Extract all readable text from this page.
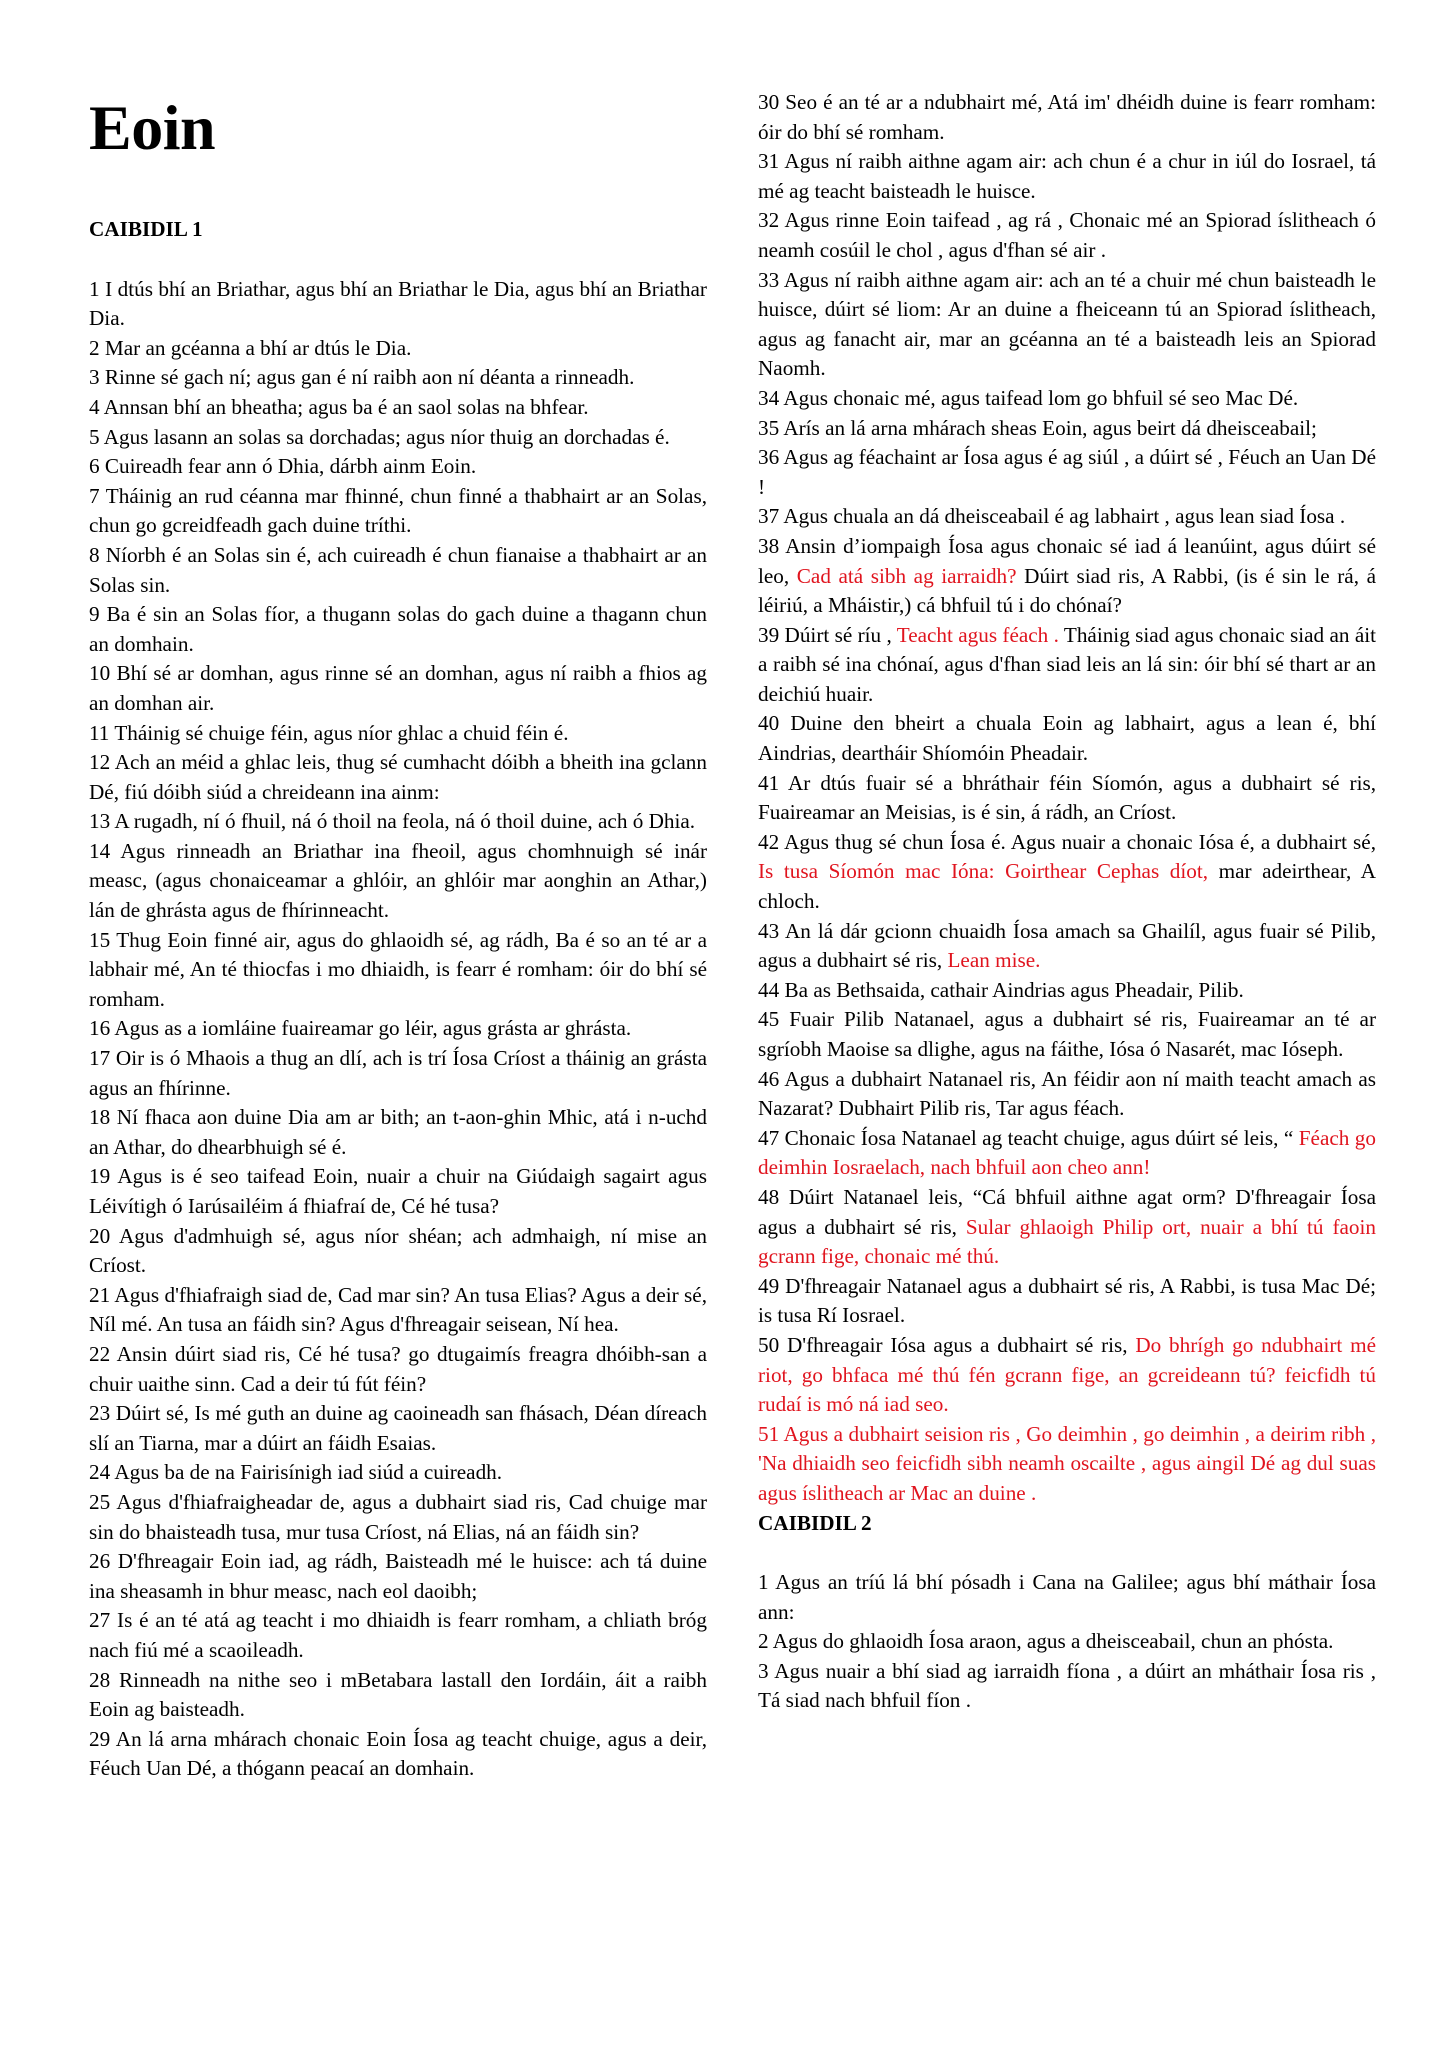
Eoin
CAIBIDIL 1

1 I dtús bhí an Briathar, agus bhí an Briathar le Dia, agus bhí an Briathar Dia.

2 Mar an gcéanna a bhí ar dtús le Dia.

3 Rinne sé gach ní; agus gan é ní raibh aon ní déanta a rinneadh.

4 Annsan bhí an bheatha; agus ba é an saol solas na bhfear.

5 Agus lasann an solas sa dorchadas; agus níor thuig an dorchadas é.

6 Cuireadh fear ann ó Dhia, dárbh ainm Eoin.

7 Tháinig an rud céanna mar fhinné, chun finné a thabhairt ar an Solas, chun go gcreidfeadh gach duine tríthi.

8 Níorbh é an Solas sin é, ach cuireadh é chun fianaise a thabhairt ar an Solas sin.

9 Ba é sin an Solas fíor, a thugann solas do gach duine a thagann chun an domhain.

10 Bhí sé ar domhan, agus rinne sé an domhan, agus ní raibh a fhios ag an domhan air.

11 Tháinig sé chuige féin, agus níor ghlac a chuid féin é.

12 Ach an méid a ghlac leis, thug sé cumhacht dóibh a bheith ina gclann Dé, fiú dóibh siúd a chreideann ina ainm:

13 A rugadh, ní ó fhuil, ná ó thoil na feola, ná ó thoil duine, ach ó Dhia.

14 Agus rinneadh an Briathar ina fheoil, agus chomhnuigh sé inár measc, (agus chonaiceamar a ghlóir, an ghlóir mar aonghin an Athar,) lán de ghrásta agus de fhírinneacht.

15 Thug Eoin finné air, agus do ghlaoidh sé, ag rádh, Ba é so an té ar a labhair mé, An té thiocfas i mo dhiaidh, is fearr é romham: óir do bhí sé romham.

16 Agus as a iomláine fuaireamar go léir, agus grásta ar ghrásta.

17 Oir is ó Mhaois a thug an dlí, ach is trí Íosa Críost a tháinig an grásta agus an fhírinne.

18 Ní fhaca aon duine Dia am ar bith; an t-aon-ghin Mhic, atá i n-uchd an Athar, do dhearbhuigh sé é.

19 Agus is é seo taifead Eoin, nuair a chuir na Giúdaigh sagairt agus Léivítigh ó Iarúsailéim á fhiafraí de, Cé hé tusa?

20 Agus d'admhuigh sé, agus níor shéan; ach admhaigh, ní mise an Críost.

21 Agus d'fhiafraigh siad de, Cad mar sin? An tusa Elias? Agus a deir sé, Níl mé. An tusa an fáidh sin? Agus d'fhreagair seisean, Ní hea.

22 Ansin dúirt siad ris, Cé hé tusa? go dtugaimís freagra dhóibh-san a chuir uaithe sinn. Cad a deir tú fút féin?

23 Dúirt sé, Is mé guth an duine ag caoineadh san fhásach, Déan díreach slí an Tiarna, mar a dúirt an fáidh Esaias.

24 Agus ba de na Fairisínigh iad siúd a cuireadh.

25 Agus d'fhiafraigheadar de, agus a dubhairt siad ris, Cad chuige mar sin do bhaisteadh tusa, mur tusa Críost, ná Elias, ná an fáidh sin?

26 D'fhreagair Eoin iad, ag rádh, Baisteadh mé le huisce: ach tá duine ina sheasamh in bhur measc, nach eol daoibh;

27 Is é an té atá ag teacht i mo dhiaidh is fearr romham, a chliath bróg nach fiú mé a scaoileadh.

28 Rinneadh na nithe seo i mBetabara lastall den Iordáin, áit a raibh Eoin ag baisteadh.

29 An lá arna mhárach chonaic Eoin Íosa ag teacht chuige, agus a deir, Féuch Uan Dé, a thógann peacaí an domhain.

30 Seo é an té ar a ndubhairt mé, Atá im' dhéidh duine is fearr romham: óir do bhí sé romham.

31 Agus ní raibh aithne agam air: ach chun é a chur in iúl do Iosrael, tá mé ag teacht baisteadh le huisce.

32 Agus rinne Eoin taifead , ag rá , Chonaic mé an Spiorad íslitheach ó neamh cosúil le chol , agus d'fhan sé air .

33 Agus ní raibh aithne agam air: ach an té a chuir mé chun baisteadh le huisce, dúirt sé liom: Ar an duine a fheiceann tú an Spiorad íslitheach, agus ag fanacht air, mar an gcéanna an té a baisteadh leis an Spiorad Naomh.

34 Agus chonaic mé, agus taifead lom go bhfuil sé seo Mac Dé.

35 Arís an lá arna mhárach sheas Eoin, agus beirt dá dheisceabail;

36 Agus ag féachaint ar Íosa agus é ag siúl , a dúirt sé , Féuch an Uan Dé !

37 Agus chuala an dá dheisceabail é ag labhairt , agus lean siad Íosa .

38 Ansin d’iompaigh Íosa agus chonaic sé iad á leanúint, agus dúirt sé leo, Cad atá sibh ag iarraidh? Dúirt siad ris, A Rabbi, (is é sin le rá, á léiriú, a Mháistir,) cá bhfuil tú i do chónaí?

39 Dúirt sé ríu , Teacht agus féach . Tháinig siad agus chonaic siad an áit a raibh sé ina chónaí, agus d'fhan siad leis an lá sin: óir bhí sé thart ar an deichiú huair.

40 Duine den bheirt a chuala Eoin ag labhairt, agus a lean é, bhí Aindrias, deartháir Shíomóin Pheadair.

41 Ar dtús fuair sé a bhráthair féin Síomón, agus a dubhairt sé ris, Fuaireamar an Meisias, is é sin, á rádh, an Críost.

42 Agus thug sé chun Íosa é. Agus nuair a chonaic Iósa é, a dubhairt sé, Is tusa Síomón mac Ióna: Goirthear Cephas díot, mar adeirthear, A chloch.

43 An lá dár gcionn chuaidh Íosa amach sa Ghailíl, agus fuair sé Pilib, agus a dubhairt sé ris, Lean mise.

44 Ba as Bethsaida, cathair Aindrias agus Pheadair, Pilib.

45 Fuair Pilib Natanael, agus a dubhairt sé ris, Fuaireamar an té ar sgríobh Maoise sa dlighe, agus na fáithe, Iósa ó Nasarét, mac Ióseph.

46 Agus a dubhairt Natanael ris, An féidir aon ní maith teacht amach as Nazarat? Dubhairt Pilib ris, Tar agus féach.

47 Chonaic Íosa Natanael ag teacht chuige, agus dúirt sé leis, “ Féach go deimhin Iosraelach, nach bhfuil aon cheo ann!

48 Dúirt Natanael leis, “Cá bhfuil aithne agat orm? D'fhreagair Íosa agus a dubhairt sé ris, Sular ghlaoigh Philip ort, nuair a bhí tú faoin gcrann fige, chonaic mé thú.

49 D'fhreagair Natanael agus a dubhairt sé ris, A Rabbi, is tusa Mac Dé; is tusa Rí Iosrael.

50 D'fhreagair Iósa agus a dubhairt sé ris, Do bhrígh go ndubhairt mé riot, go bhfaca mé thú fén gcrann fige, an gcreideann tú? feicfidh tú rudaí is mó ná iad seo.

51 Agus a dubhairt seision ris , Go deimhin , go deimhin , a deirim ribh , 'Na dhiaidh seo feicfidh sibh neamh oscailte , agus aingil Dé ag dul suas agus íslitheach ar Mac an duine .

CAIBIDIL 2

1 Agus an tríú lá bhí pósadh i Cana na Galilee; agus bhí máthair Íosa ann:

2 Agus do ghlaoidh Íosa araon, agus a dheisceabail, chun an phósta.

3 Agus nuair a bhí siad ag iarraidh fíona , a dúirt an mháthair Íosa ris , Tá siad nach bhfuil fíon .
